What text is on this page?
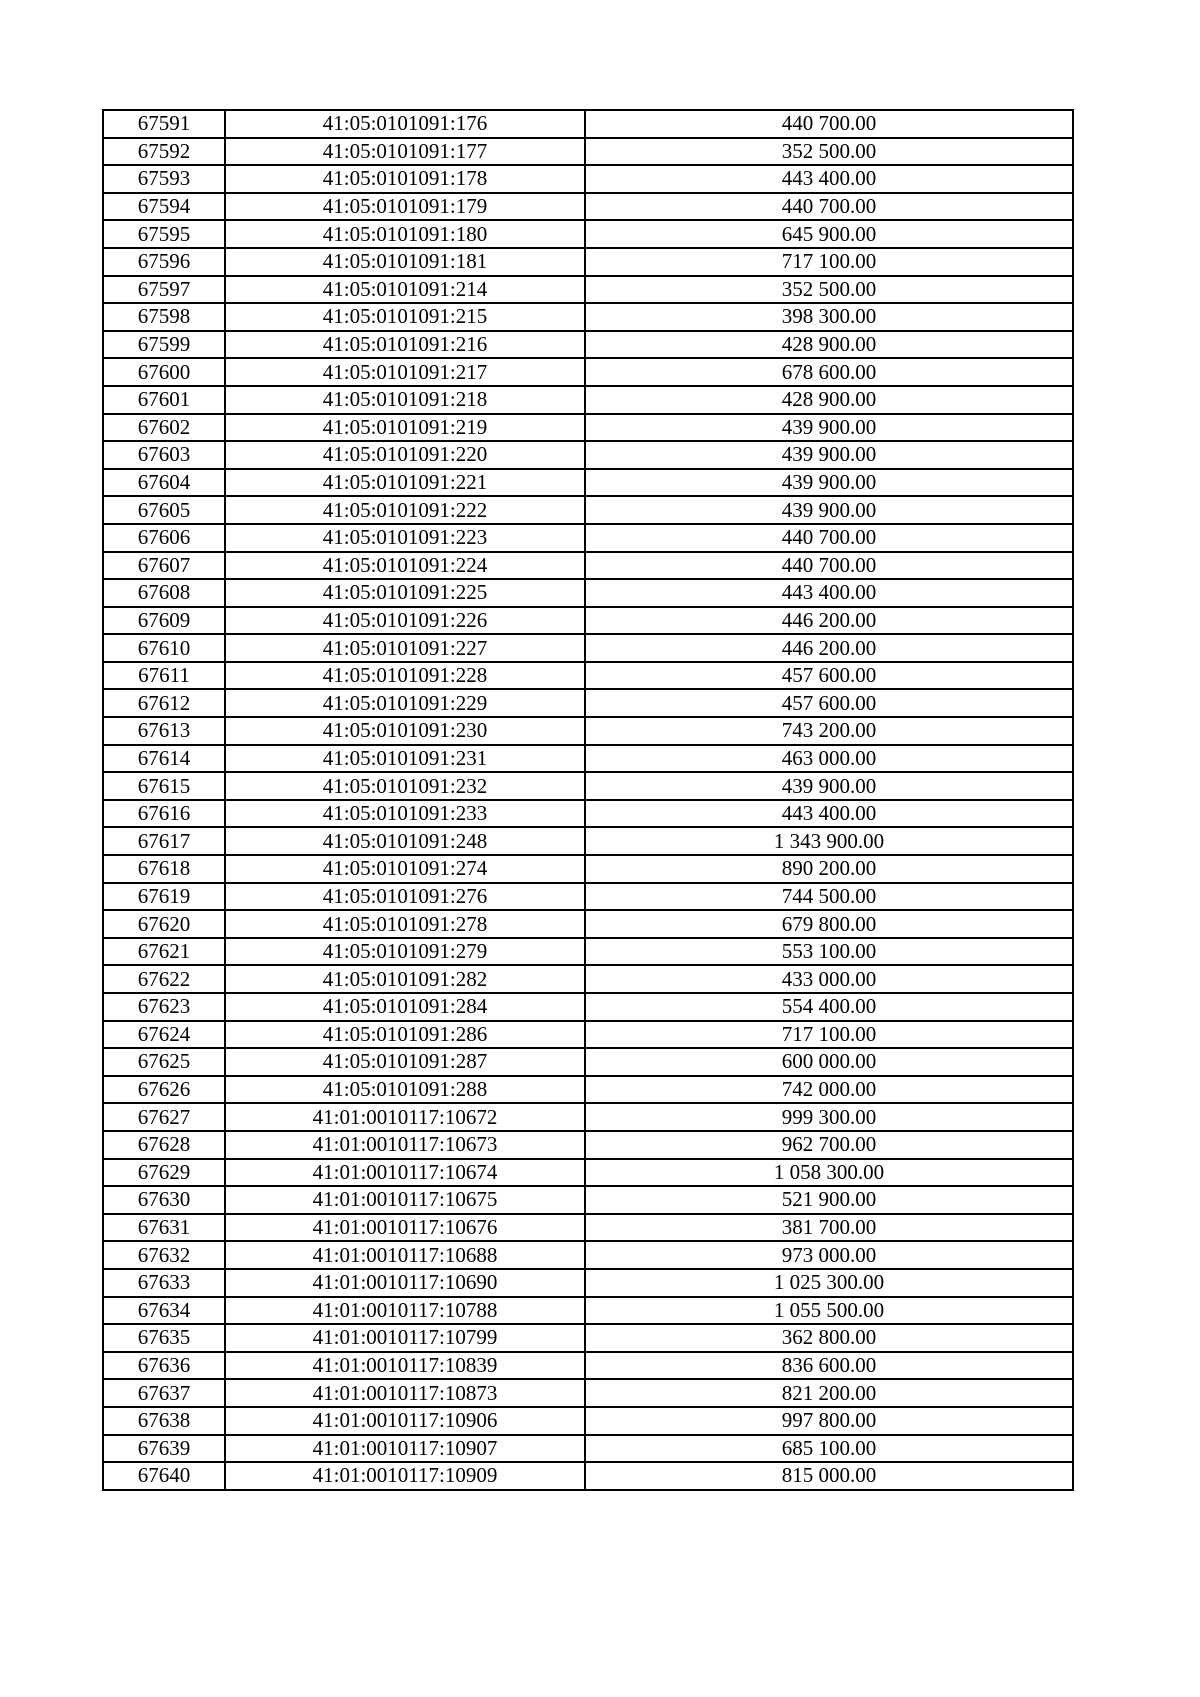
67591	41:05:0101091:176	440 700.00
67592	41:05:0101091:177	352 500.00
67593	41:05:0101091:178	443 400.00
67594	41:05:0101091:179	440 700.00
67595	41:05:0101091:180	645 900.00
67596	41:05:0101091:181	717 100.00
67597	41:05:0101091:214	352 500.00
67598	41:05:0101091:215	398 300.00
67599	41:05:0101091:216	428 900.00
67600	41:05:0101091:217	678 600.00
67601	41:05:0101091:218	428 900.00
67602	41:05:0101091:219	439 900.00
67603	41:05:0101091:220	439 900.00
67604	41:05:0101091:221	439 900.00
67605	41:05:0101091:222	439 900.00
67606	41:05:0101091:223	440 700.00
67607	41:05:0101091:224	440 700.00
67608	41:05:0101091:225	443 400.00
67609	41:05:0101091:226	446 200.00
67610	41:05:0101091:227	446 200.00
67611	41:05:0101091:228	457 600.00
67612	41:05:0101091:229	457 600.00
67613	41:05:0101091:230	743 200.00
67614	41:05:0101091:231	463 000.00
67615	41:05:0101091:232	439 900.00
67616	41:05:0101091:233	443 400.00
67617	41:05:0101091:248	1 343 900.00
67618	41:05:0101091:274	890 200.00
67619	41:05:0101091:276	744 500.00
67620	41:05:0101091:278	679 800.00
67621	41:05:0101091:279	553 100.00
67622	41:05:0101091:282	433 000.00
67623	41:05:0101091:284	554 400.00
67624	41:05:0101091:286	717 100.00
67625	41:05:0101091:287	600 000.00
67626	41:05:0101091:288	742 000.00
67627	41:01:0010117:10672	999 300.00
67628	41:01:0010117:10673	962 700.00
67629	41:01:0010117:10674	1 058 300.00
67630	41:01:0010117:10675	521 900.00
67631	41:01:0010117:10676	381 700.00
67632	41:01:0010117:10688	973 000.00
67633	41:01:0010117:10690	1 025 300.00
67634	41:01:0010117:10788	1 055 500.00
67635	41:01:0010117:10799	362 800.00
67636	41:01:0010117:10839	836 600.00
67637	41:01:0010117:10873	821 200.00
67638	41:01:0010117:10906	997 800.00
67639	41:01:0010117:10907	685 100.00
67640	41:01:0010117:10909	815 000.00
